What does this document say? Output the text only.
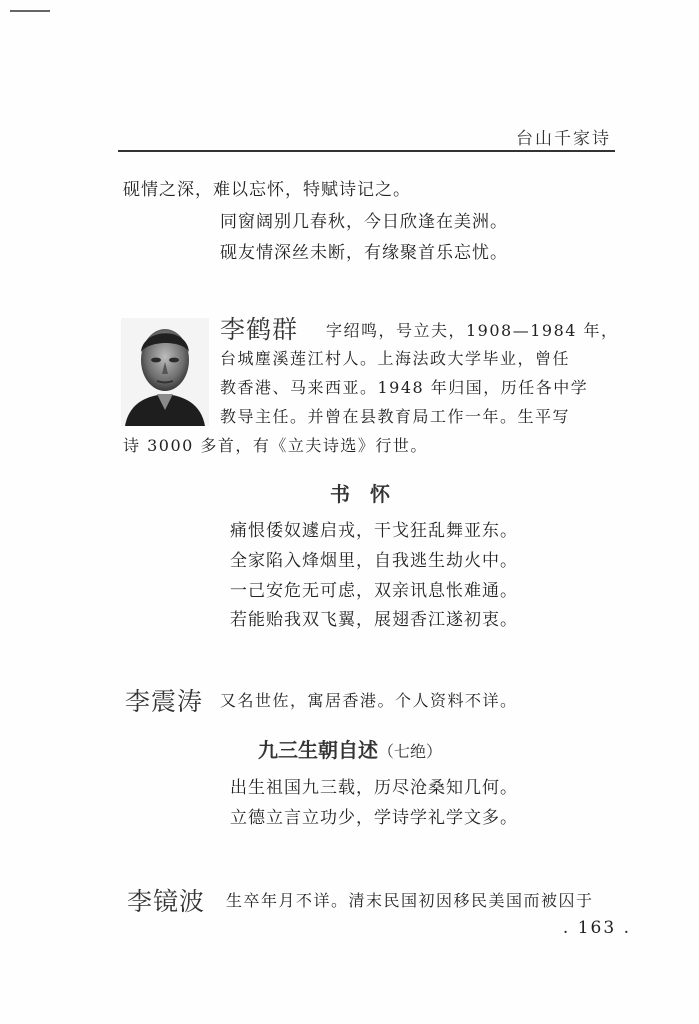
台山千家诗
砚情之深，难以忘怀，特赋诗记之。
同窗阔别几春秋，今日欣逢在美洲。
砚友情深丝未断，有缘聚首乐忘忧。
李鹤群 字绍鸣，号立夫，1908—1984 年，
台城塵溪莲江村人。上海法政大学毕业，曾任
教香港、马来西亚。1948 年归国，历任各中学
教导主任。并曾在县教育局工作一年。生平写
诗 3000 多首，有《立夫诗选》行世。
书　怀
痛恨倭奴遽启戎，干戈狂乱舞亚东。
全家陷入烽烟里，自我逃生劫火中。
一己安危无可虑，双亲讯息怅难通。
若能贻我双飞翼，展翅香江遂初衷。
李震涛 又名世佐，寓居香港。个人资料不详。
九三生朝自述（七绝）
出生祖国九三载，历尽沧桑知几何。
立德立言立功少，学诗学礼学文多。
李镜波 生卒年月不详。清末民国初因移民美国而被囚于
. 163 .
